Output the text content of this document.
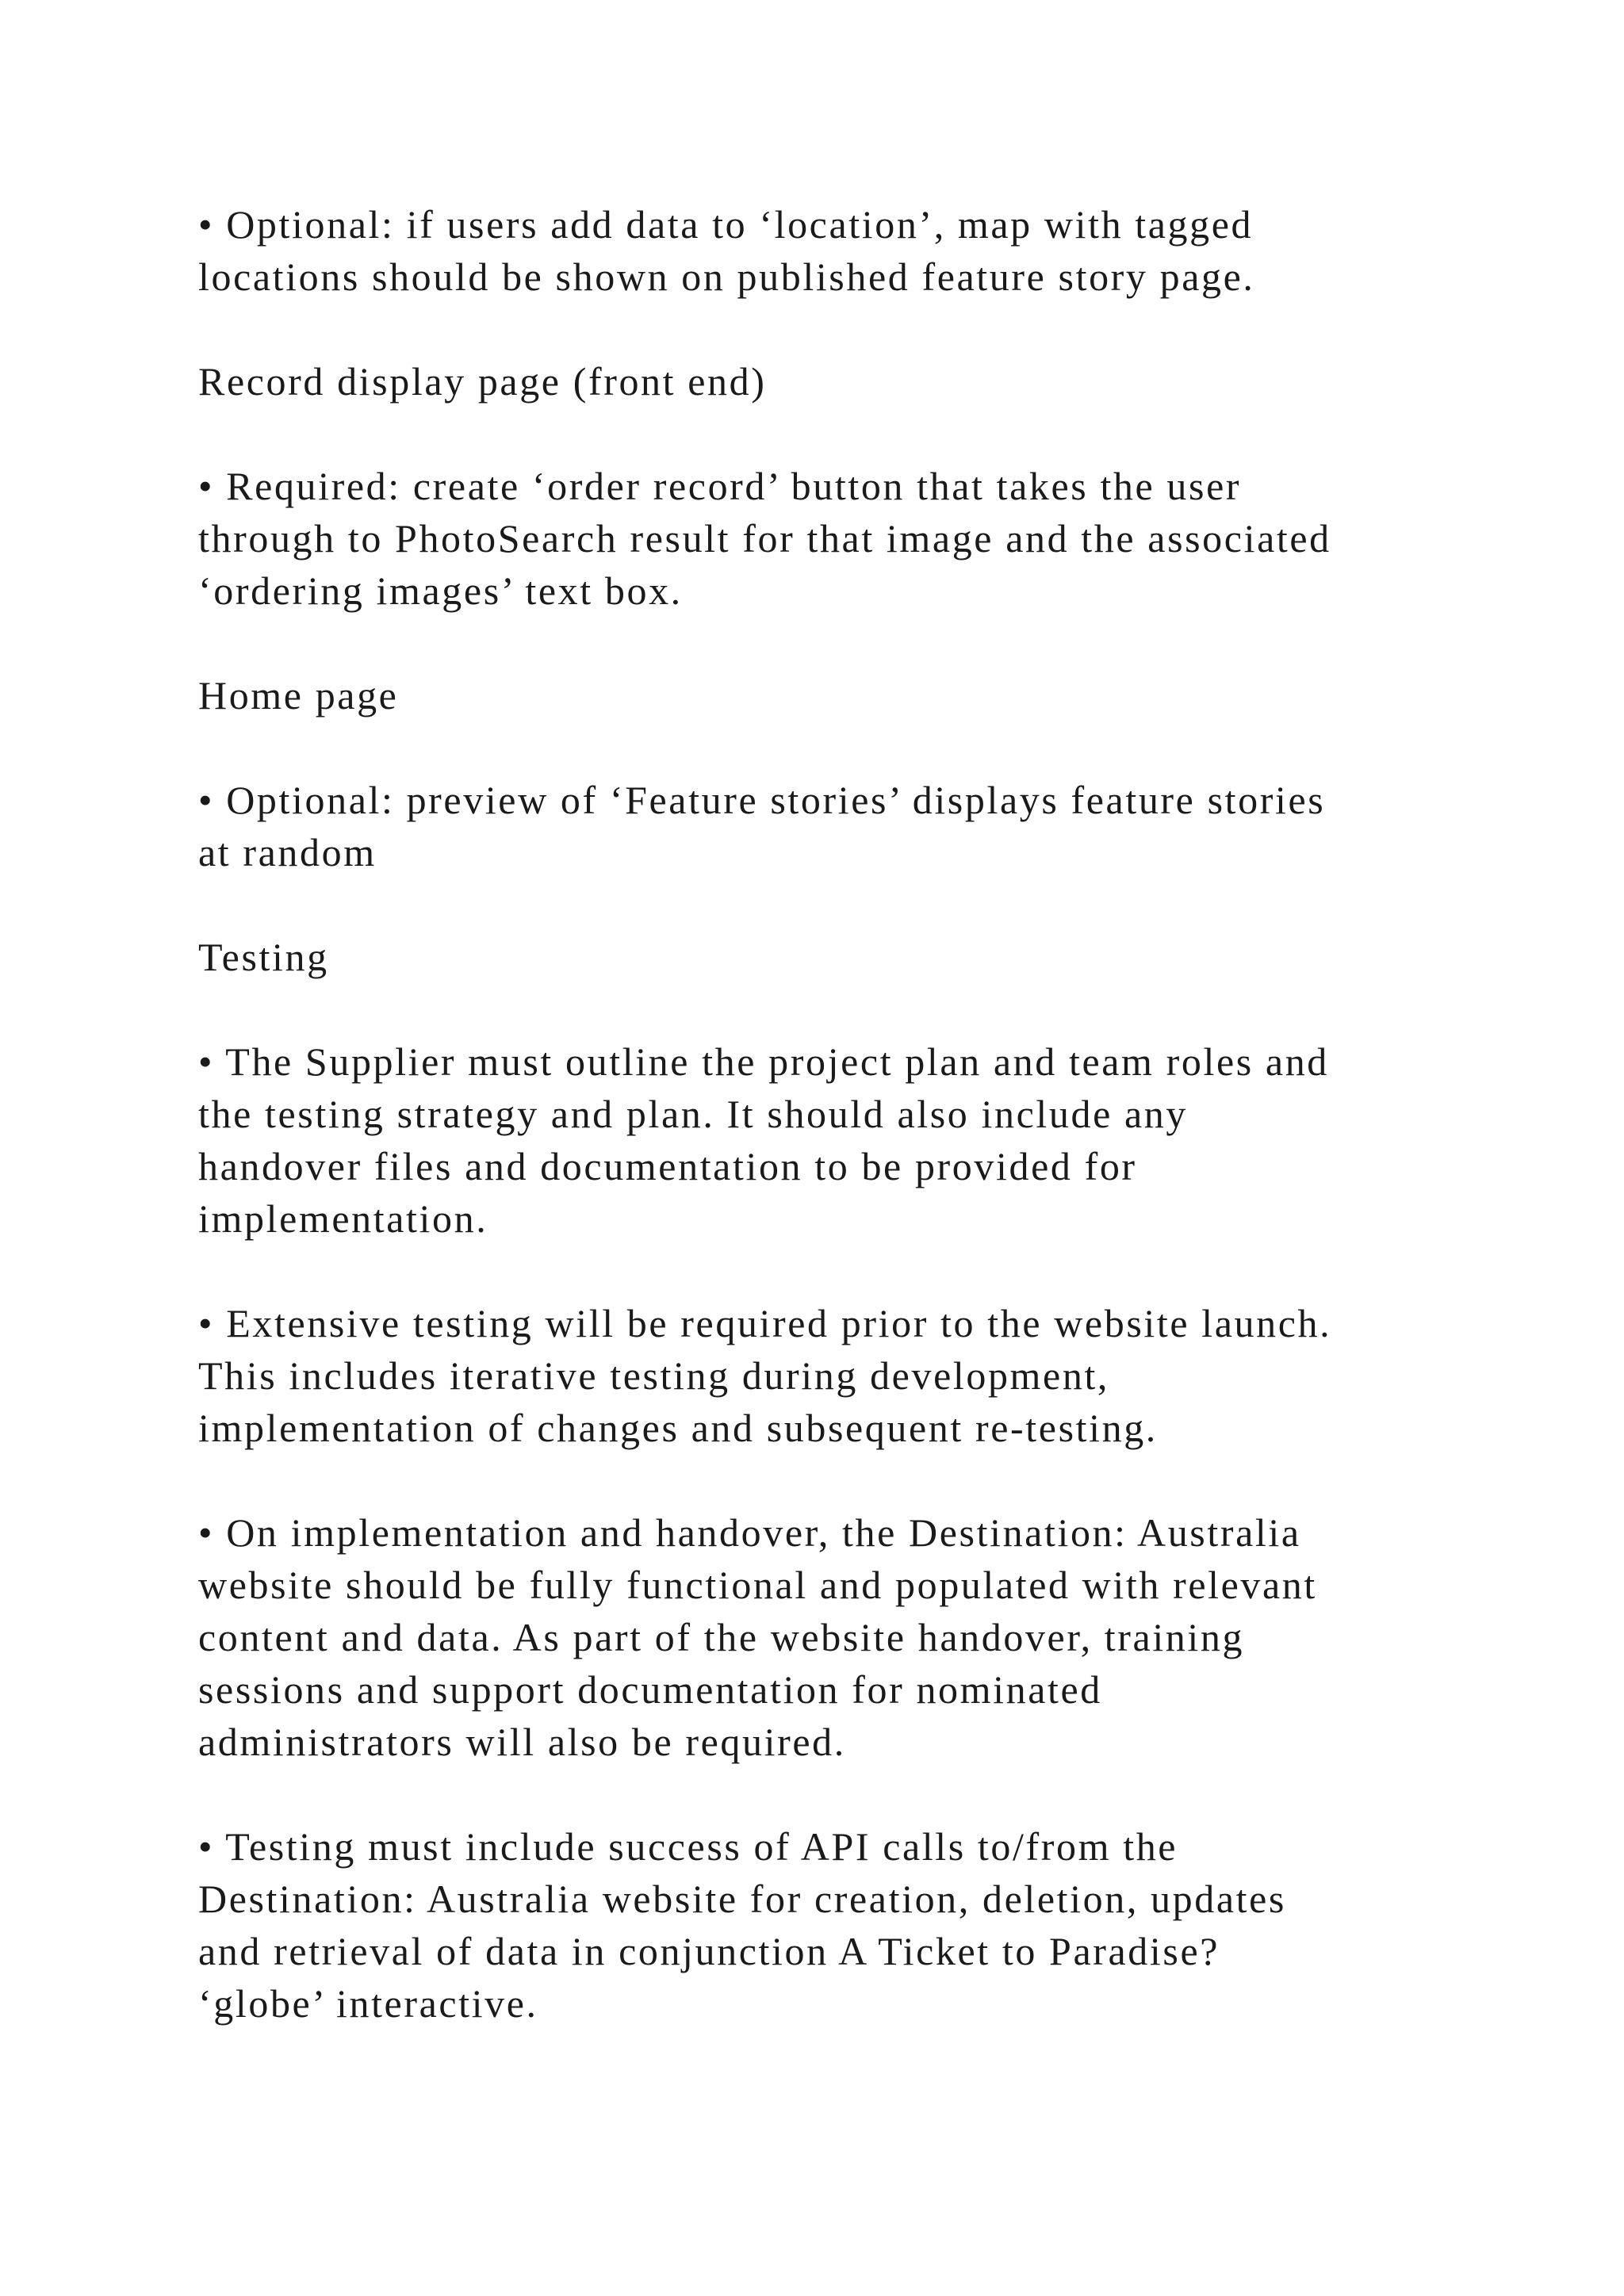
• Optional: if users add data to ‘location’, map with tagged
locations should be shown on published feature story page.

Record display page (front end)

• Required: create ‘order record’ button that takes the user
through to PhotoSearch result for that image and the associated
‘ordering images’ text box.

Home page

• Optional: preview of ‘Feature stories’ displays feature stories
at random

Testing

• The Supplier must outline the project plan and team roles and
the testing strategy and plan. It should also include any
handover files and documentation to be provided for
implementation.

• Extensive testing will be required prior to the website launch.
This includes iterative testing during development,
implementation of changes and subsequent re-testing.

• On implementation and handover, the Destination: Australia
website should be fully functional and populated with relevant
content and data. As part of the website handover, training
sessions and support documentation for nominated
administrators will also be required.

• Testing must include success of API calls to/from the
Destination: Australia website for creation, deletion, updates
and retrieval of data in conjunction A Ticket to Paradise?
‘globe’ interactive.
